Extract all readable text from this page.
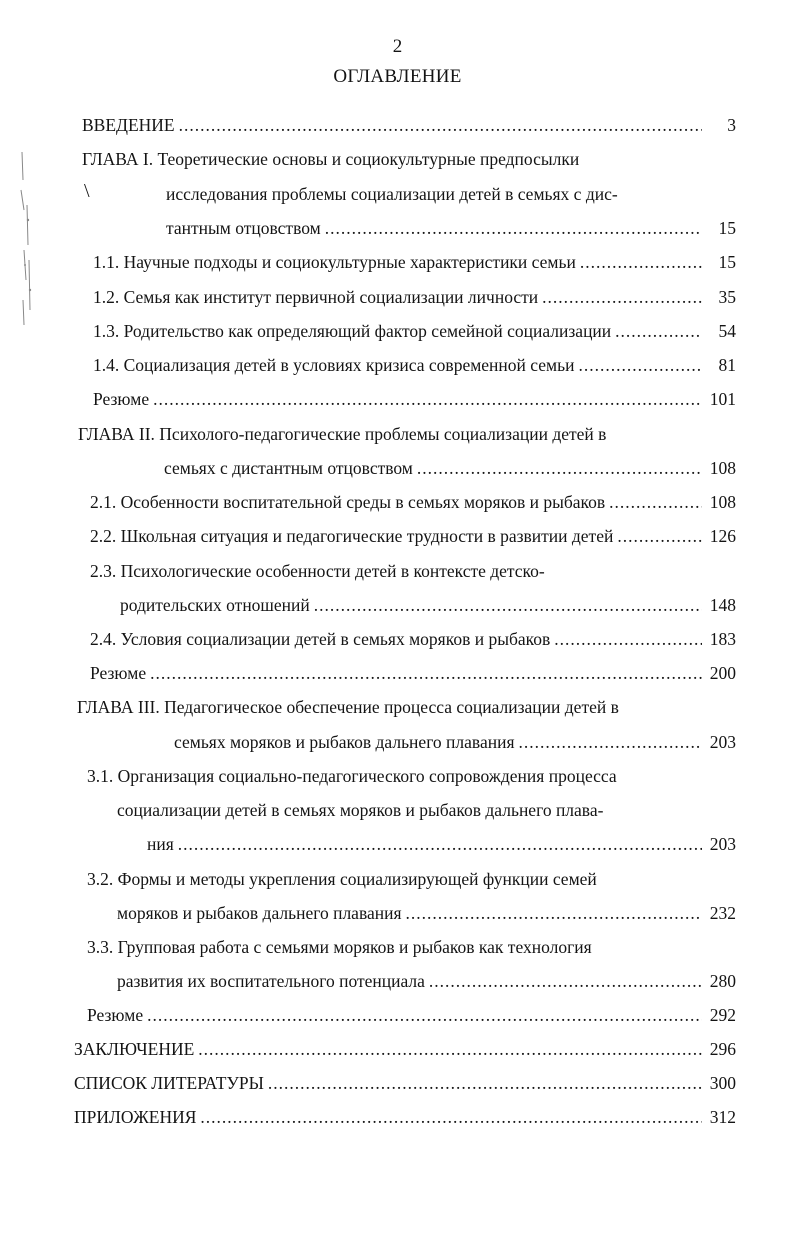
\
2
ОГЛАВЛЕНИЕ
ВВЕДЕНИЕ .....	3
ГЛАВА I. Теоретические основы и социокультурные предпосылки
исследования проблемы социализации детей в семьях с дис-
тантным отцовством .....	15
1.1. Научные подходы и социокультурные характеристики семьи .....	15
1.2. Семья как институт первичной социализации личности .....	35
1.3. Родительство как определяющий фактор семейной социализации .....	54
1.4. Социализация детей в условиях кризиса современной семьи .....	81
Резюме .....	101
ГЛАВА II. Психолого-педагогические проблемы социализации детей в
семьях с дистантным отцовством .....	108
2.1. Особенности воспитательной среды в семьях моряков и рыбаков .....	108
2.2. Школьная ситуация и педагогические трудности в развитии детей .....	126
2.3. Психологические особенности детей в контексте детско-
родительских отношений .....	148
2.4. Условия социализации детей в семьях моряков и рыбаков .....	183
Резюме .....	200
ГЛАВА III. Педагогическое обеспечение процесса социализации детей в
семьях моряков и рыбаков дальнего плавания .....	203
3.1. Организация социально-педагогического сопровождения процесса
социализации детей в семьях моряков и рыбаков дальнего плава-
ния .....	203
3.2. Формы и методы укрепления социализирующей функции семей
моряков и рыбаков дальнего плавания .....	232
3.3. Групповая работа с семьями моряков и рыбаков как технология
развития их воспитательного потенциала .....	280
Резюме .....	292
ЗАКЛЮЧЕНИЕ .....	296
СПИСОК ЛИТЕРАТУРЫ .....	300
ПРИЛОЖЕНИЯ .....	312
